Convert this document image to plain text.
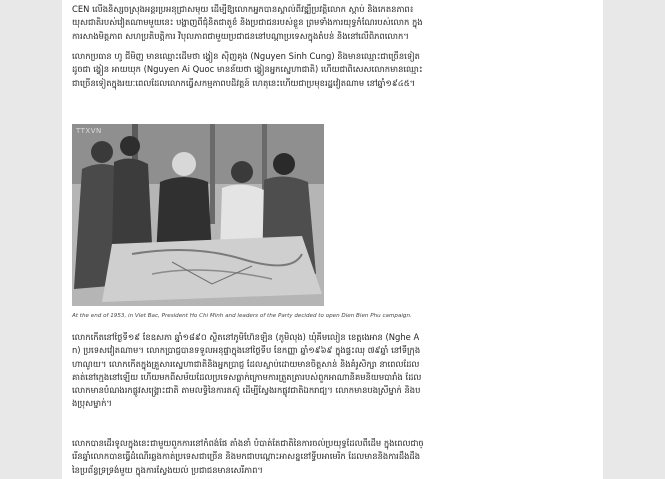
CEN លើងនិស្សចស្រុងអន្តរប្រអនុជ្រាសមុយ ដើម្បីឱ្យលោកអ្នកបានស្គាល់ពីវឌ្ឍឹប្រវត្តិលោក ស្ដាប់ និងកេតនភាព៖ យុសជាតិរបស់វៀតណាមមួយនេះ បង្ហាញពីជុំនិតជាតួខ៌ និងប្រជាជនរបស់ខ្លួន ព្រមទាំងការយុទ្ធកំណែរបស់លោក ក្នុងការសាងមិត្តភាព សហប្រតិបត្តិការ វិបុលភាពជាមួយប្រជាជននៅបណ្ដាប្រទេសក្នុងតំបន់ និងនៅលើពិភពលោក។

លោកប្រធាន ហូ ជីមិញ មានឈ្មោះដើមថា ង្វៀន ស៊ិញគុង (Nguyen Sinh Cung) និងមានឈ្មោះជាច្រើនទៀតដូចជា ង្វៀន អាយឃុក (Nguyen Ai Quoc មានន័យថា ង្វៀនអ្នកស្នេហាជាតិ) ហើយជាពិសេសលោកមានឈ្មោះជាច្រើនទៀតក្នុងរយៈពេលដែលលោកធ្វើសកម្មភាពបដិវត្តន៍ ហេតុនេះហើយជាប្រមុខរដ្ឋវៀតណាម នៅឆ្នាំ១៩៤៥។

TTXVN
At the end of 1953, in Viet Bac, President Ho Chi Minh and leaders of the Party decided to open Dien Bien Phu campaign.

លោកកើតនៅថ្ងៃទី១៩ ខែឧសភា ឆ្នាំ១៨៩០ ស្ថិតនៅភូមិហ៊ែនឡិន (ភូមិលុង) ឃុំគីមលៀន ខេត្តងេអាន (Nghe An) ប្រទេសវៀតណាម។ លោកប្រាជ្ញបានទទួលអនុផ្ទាក្នុងនៅថ្ងៃទីប ខែកញ្ញា ឆ្នាំ១៩៦៩ ក្នុងផ្ទះឈុ ៧៩ឆ្នាំ នៅទីក្រុងហាណូយ។ លោកកើតក្នុងគ្រួសារស្នេហាជាតិនិងអ្នកប្រាជ្ញ ដែលស្លាប់ដោយមានចិត្តសាន់ និងគំរូសិក្សា នាពេលដែលគាត់នៅក្មេងនៅឡើយ ហើយមកពីសម័យដែលប្រទេសធ្លាក់ក្រោមការត្រួតត្រារបស់ពួកអាណានិគមនិយមបារាំង ដែលលោកមានបំណងរកផ្លូវសង្គ្រោះជាតិ តាមលទ្ធិនៃការតស៊ូ ដើម្បីស្វែងរកផ្លូវជាតិឯករាជ្យ។ លោកមានបងស្រីម្នាក់ និងបងប្រុសម្នាក់។

លោកបានដើរទូលក្នុងនេះជាមួយពួកការនៅកំពង់ផែ តាំងនាំ បំបាត់តែជាតិនៃការចល់ប្រយុទ្ធដែលពីដើម ក្នុងពេលជាច្រើនឆ្នាំលោកបានធ្វើដំណើរឆ្លងកាត់ប្រទេសជាច្រើន និងមកជាបណ្ដោះអាសន្ននៅទ្វីបអាមេរិក ដែលមាននិងការដឹងដឹងនៃប្រព័ន្ធទ្រទ្រង់មួយ ក្នុងការស្វែងយល់ ប្រជាជនមានសេរីភាព។
